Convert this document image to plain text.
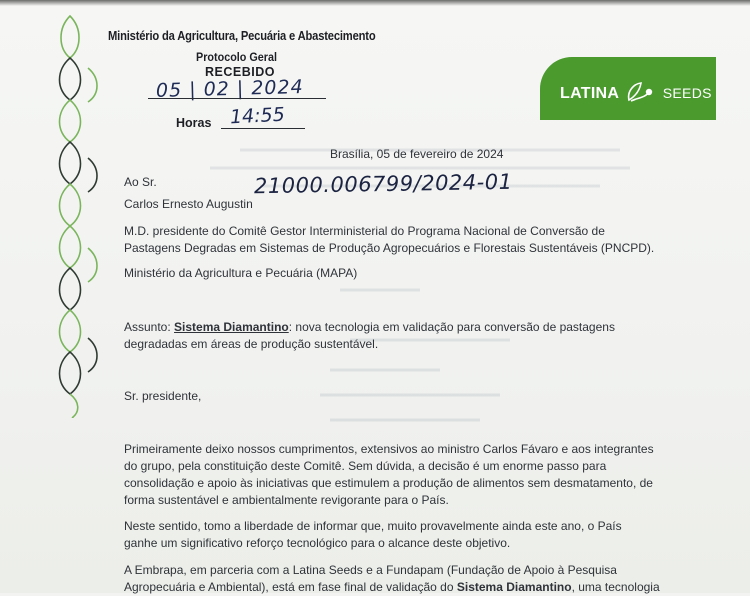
Ministério da Agricultura, Pecuária e Abastecimento
Protocolo Geral
RECEBIDO
05 | 02 | 2024
Horas 14:55
LATINA	SEEDS
Brasília, 05 de fevereiro de 2024
Ao Sr.	21000.006799/2024-01
Carlos Ernesto Augustin
M.D. presidente do Comitê Gestor Interministerial do Programa Nacional de Conversão de
Pastagens Degradas em Sistemas de Produção Agropecuários e Florestais Sustentáveis (PNCPD).
Ministério da Agricultura e Pecuária (MAPA)
Assunto: Sistema Diamantino: nova tecnologia em validação para conversão de pastagens
degradadas em áreas de produção sustentável.
Sr. presidente,
Primeiramente deixo nossos cumprimentos, extensivos ao ministro Carlos Fávaro e aos integrantes
do grupo, pela constituição deste Comitê. Sem dúvida, a decisão é um enorme passo para
consolidação e apoio às iniciativas que estimulem a produção de alimentos sem desmatamento, de
forma sustentável e ambientalmente revigorante para o País.
Neste sentido, tomo a liberdade de informar que, muito provavelmente ainda este ano, o País
ganhe um significativo reforço tecnológico para o alcance deste objetivo.
A Embrapa, em parceria com a Latina Seeds e a Fundapam (Fundação de Apoio à Pesquisa
Agropecuária e Ambiental), está em fase final de validação do Sistema Diamantino, uma tecnologia
